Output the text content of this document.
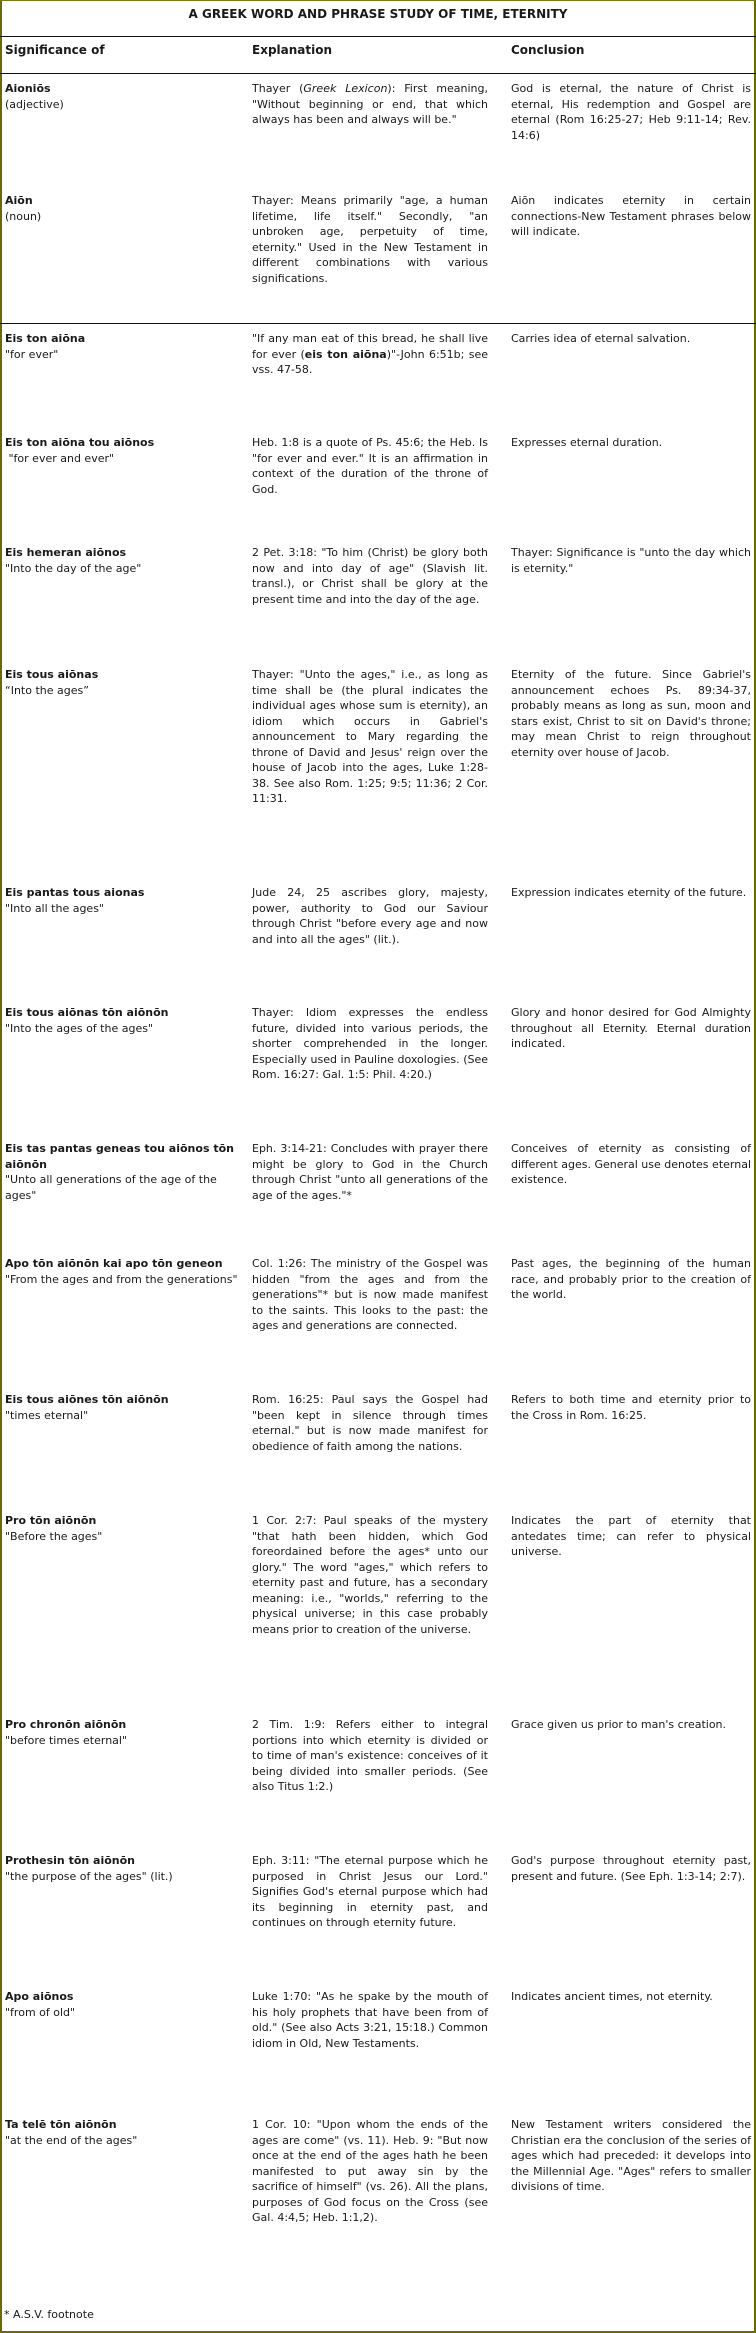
A GREEK WORD AND PHRASE STUDY OF TIME, ETERNITY
Significance of	Explanation	Conclusion
Aioniōs
(adjective)
Thayer (Greek Lexicon): First meaning, "Without beginning or end, that which always has been and always will be."
God is eternal, the nature of Christ is eternal, His redemption and Gospel are eternal (Rom 16:25-27; Heb 9:11-14; Rev. 14:6)
Aiōn
(noun)
Thayer: Means primarily "age, a human lifetime, life itself." Secondly, "an unbroken age, perpetuity of time, eternity." Used in the New Testament in different combinations with various significations.
Aiōn indicates eternity in certain connections-New Testament phrases below will indicate.
Eis ton aiōna
"for ever"
"If any man eat of this bread, he shall live for ever (eis ton aiōna)"-John 6:51b; see vss. 47-58.
Carries idea of eternal salvation.
Eis ton aiōna tou aiōnos
"for ever and ever"
Heb. 1:8 is a quote of Ps. 45:6; the Heb. Is "for ever and ever." It is an affirmation in context of the duration of the throne of God.
Expresses eternal duration.
Eis hemeran aiōnos
"Into the day of the age"
2 Pet. 3:18: "To him (Christ) be glory both now and into day of age" (Slavish lit. transl.), or Christ shall be glory at the present time and into the day of the age.
Thayer: Significance is "unto the day which is eternity."
Eis tous aiōnas
“Into the ages”
Thayer: "Unto the ages," i.e., as long as time shall be (the plural indicates the individual ages whose sum is eternity), an idiom which occurs in Gabriel's announcement to Mary regarding the throne of David and Jesus' reign over the house of Jacob into the ages, Luke 1:28-38. See also Rom. 1:25; 9:5; 11:36; 2 Cor. 11:31.
Eternity of the future. Since Gabriel's announcement echoes Ps. 89:34-37, probably means as long as sun, moon and stars exist, Christ to sit on David's throne; may mean Christ to reign throughout eternity over house of Jacob.
Eis pantas tous aionas
"Into all the ages"
Jude 24, 25 ascribes glory, majesty, power, authority to God our Saviour through Christ "before every age and now and into all the ages" (lit.).
Expression indicates eternity of the future.
Eis tous aiōnas tōn aiōnōn
"Into the ages of the ages"
Thayer: Idiom expresses the endless future, divided into various periods, the shorter comprehended in the longer. Especially used in Pauline doxologies. (See Rom. 16:27: Gal. 1:5: Phil. 4:20.)
Glory and honor desired for God Almighty throughout all Eternity. Eternal duration indicated.
Eis tas pantas geneas tou aiōnos tōn aiōnōn
"Unto all generations of the age of the ages"
Eph. 3:14-21: Concludes with prayer there might be glory to God in the Church through Christ "unto all generations of the age of the ages."*
Conceives of eternity as consisting of different ages. General use denotes eternal existence.
Apo tōn aiōnōn kai apo tōn geneon
"From the ages and from the generations"
Col. 1:26: The ministry of the Gospel was hidden "from the ages and from the generations"* but is now made manifest to the saints. This looks to the past: the ages and generations are connected.
Past ages, the beginning of the human race, and probably prior to the creation of the world.
Eis tous aiōnes tōn aiōnōn
"times eternal"
Rom. 16:25: Paul says the Gospel had "been kept in silence through times eternal." but is now made manifest for obedience of faith among the nations.
Refers to both time and eternity prior to the Cross in Rom. 16:25.
Pro tōn aiōnōn
"Before the ages"
1 Cor. 2:7: Paul speaks of the mystery "that hath been hidden, which God foreordained before the ages* unto our glory." The word "ages," which refers to eternity past and future, has a secondary meaning: i.e., "worlds," referring to the physical universe; in this case probably means prior to creation of the universe.
Indicates the part of eternity that antedates time; can refer to physical universe.
Pro chronōn aiōnōn
"before times eternal"
2 Tim. 1:9: Refers either to integral portions into which eternity is divided or to time of man's existence: conceives of it being divided into smaller periods. (See also Titus 1:2.)
Grace given us prior to man's creation.
Prothesin tōn aiōnōn
"the purpose of the ages" (lit.)
Eph. 3:11: "The eternal purpose which he purposed in Christ Jesus our Lord." Signifies God's eternal purpose which had its beginning in eternity past, and continues on through eternity future.
God's purpose throughout eternity past, present and future. (See Eph. 1:3-14; 2:7).
Apo aiōnos
"from of old"
Luke 1:70: "As he spake by the mouth of his holy prophets that have been from of old." (See also Acts 3:21, 15:18.) Common idiom in Old, New Testaments.
Indicates ancient times, not eternity.
Ta telē tōn aiōnōn
"at the end of the ages"
1 Cor. 10: "Upon whom the ends of the ages are come" (vs. 11). Heb. 9: "But now once at the end of the ages hath he been manifested to put away sin by the sacrifice of himself" (vs. 26). All the plans, purposes of God focus on the Cross (see Gal. 4:4,5; Heb. 1:1,2).
New Testament writers considered the Christian era the conclusion of the series of ages which had preceded: it develops into the Millennial Age. "Ages" refers to smaller divisions of time.
* A.S.V. footnote
